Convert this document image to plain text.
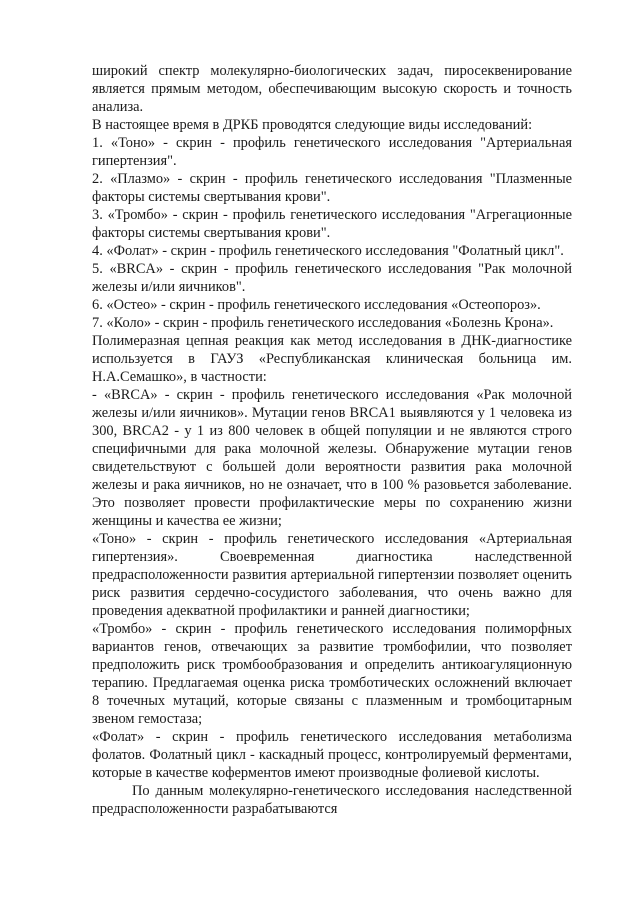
широкий спектр молекулярно-биологических задач, пиросеквенирование является прямым методом, обеспечивающим высокую скорость и точность анализа.

В настоящее время в ДРКБ проводятся следующие виды исследований:

1. «Тоно» - скрин - профиль генетического исследования "Артериальная гипертензия".

2. «Плазмо» - скрин - профиль генетического исследования "Плазменные факторы системы свертывания крови".

3. «Тромбо» - скрин - профиль генетического исследования "Агрегационные факторы системы свертывания крови".

4. «Фолат» - скрин - профиль генетического исследования "Фолатный цикл".

5. «BRCA» - скрин - профиль генетического исследования "Рак молочной железы и/или яичников".

6. «Остео» - скрин - профиль генетического исследования «Остеопороз».

7. «Коло» - скрин - профиль генетического исследования «Болезнь Крона».

Полимеразная цепная реакция как метод исследования в ДНК-диагностике используется в ГАУЗ «Республиканская клиническая больница им. Н.А.Семашко», в частности:

- «BRCA» - скрин - профиль генетического исследования «Рак молочной железы и/или яичников». Мутации генов BRCA1 выявляются у 1 человека из 300, BRCA2 - у 1 из 800 человек в общей популяции и не являются строго специфичными для рака молочной железы. Обнаружение мутации генов свидетельствуют с большей доли вероятности развития рака молочной железы и рака яичников, но не означает, что в 100 % разовьется заболевание. Это позволяет провести профилактические меры по сохранению жизни женщины и качества ее жизни;

«Тоно» - скрин - профиль генетического исследования «Артериальная гипертензия». Своевременная диагностика наследственной предрасположенности развития артериальной гипертензии позволяет оценить риск развития сердечно-сосудистого заболевания, что очень важно для проведения адекватной профилактики и ранней диагностики;

«Тромбо» - скрин - профиль генетического исследования полиморфных вариантов генов, отвечающих за развитие тромбофилии, что позволяет предположить риск тромбообразования и определить антикоагуляционную терапию. Предлагаемая оценка риска тромботических осложнений включает 8 точечных мутаций, которые связаны с плазменным и тромбоцитарным звеном гемостаза;

«Фолат» - скрин - профиль генетического исследования метаболизма фолатов. Фолатный цикл - каскадный процесс, контролируемый ферментами, которые в качестве коферментов имеют производные фолиевой кислоты.

По данным молекулярно-генетического исследования наследственной предрасположенности разрабатываются
